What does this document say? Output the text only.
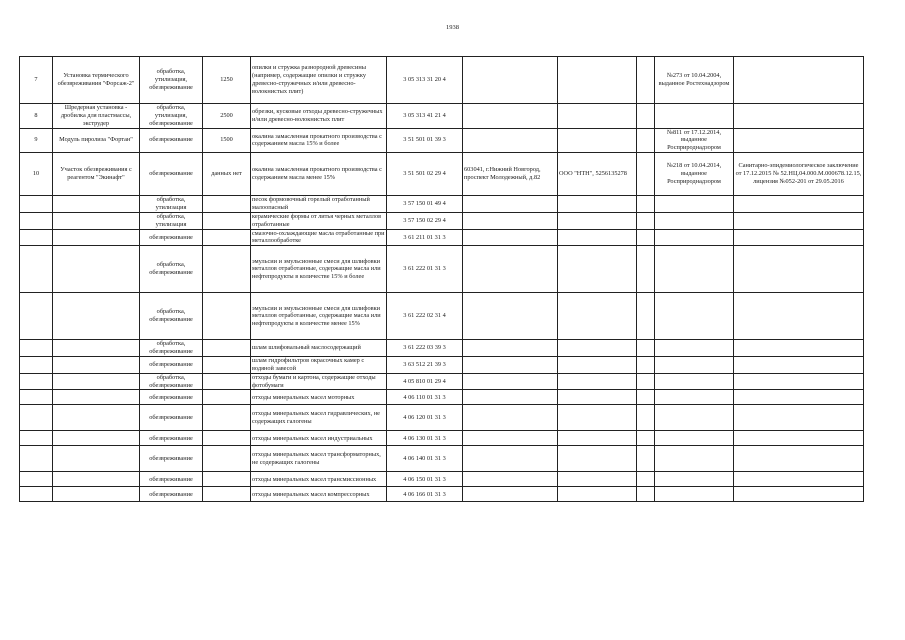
1938
7	Установка термического обезвреживания "Форсаж-2"	обработка, утилизация, обезвреживание	1250	опилки и стружка разнородной древесины (например, содержащие опилки и стружку древесно-стружечных и/или древесно-волокнистых плит)	3 05 313 31 20 4				№273 от 10.04.2004, выданное Ростехнадзором	
8	Шредерная установка - дробилка для пластмассы, экструдер	обработка, утилизация, обезвреживание	2500	обрезки, кусковые отходы древесно-стружечных и/или древесно-волокнистых плит	3 05 313 41 21 4					
9	Модуль пиролиза "Фортан"	обезвреживание	1500	окалина замасленная прокатного производства с содержанием масла 15% и более	3 51 501 01 39 3				№811 от 17.12.2014, выданное Росприроднадзором	
10	Участок обезвреживания с реагентом "Экинафт"	обезвреживание	данных нет	окалина замасленная прокатного производства с содержанием масла менее 15%	3 51 501 02 29 4	603041, г.Нижний Новгород, проспект Молодежный, д.82	ООО "НТН", 5256135278		№218 от 10.04.2014, выданное Росприроднадзором	Санитарно-эпидемиологическое заключение от 17.12.2015 № 52.НЦ.04.000.М.000678.12.15, лицензия №052-201 от 29.05.2016
		обработка, утилизация		песок формовочный горелый отработанный малоопасный	3 57 150 01 49 4					
		обработка, утилизация		керамические формы от литья черных металлов отработанные	3 57 150 02 29 4					
		обезвреживание		смазочно-охлаждающие масла отработанные при металлообработке	3 61 211 01 31 3					
		обработка, обезвреживание		эмульсии и эмульсионные смеси для шлифовки металлов отработанные, содержащие масла или нефтепродукты в количестве 15% и более	3 61 222 01 31 3					
		обработка, обезвреживание		эмульсии и эмульсионные смеси для шлифовки металлов отработанные, содержащие масла или нефтепродукты в количестве менее 15%	3 61 222 02 31 4					
		обработка, обезвреживание		шлам шлифовальный маслосодержащий	3 61 222 03 39 3					
		обезвреживание		шлам гидрофильтров окрасочных камер с водяной завесой	3 63 512 21 39 3					
		обработка, обезвреживание		отходы бумаги и картона, содержащие отходы фотобумаги	4 05 810 01 29 4					
		обезвреживание		отходы минеральных масел моторных	4 06 110 01 31 3					
		обезвреживание		отходы минеральных масел гидравлических, не содержащих галогены	4 06 120 01 31 3					
		обезвреживание		отходы минеральных масел индустриальных	4 06 130 01 31 3					
		обезвреживание		отходы минеральных масел трансформаторных, не содержащих галогены	4 06 140 01 31 3					
		обезвреживание		отходы минеральных масел трансмиссионных	4 06 150 01 31 3					
		обезвреживание		отходы минеральных масел компрессорных	4 06 166 01 31 3					
